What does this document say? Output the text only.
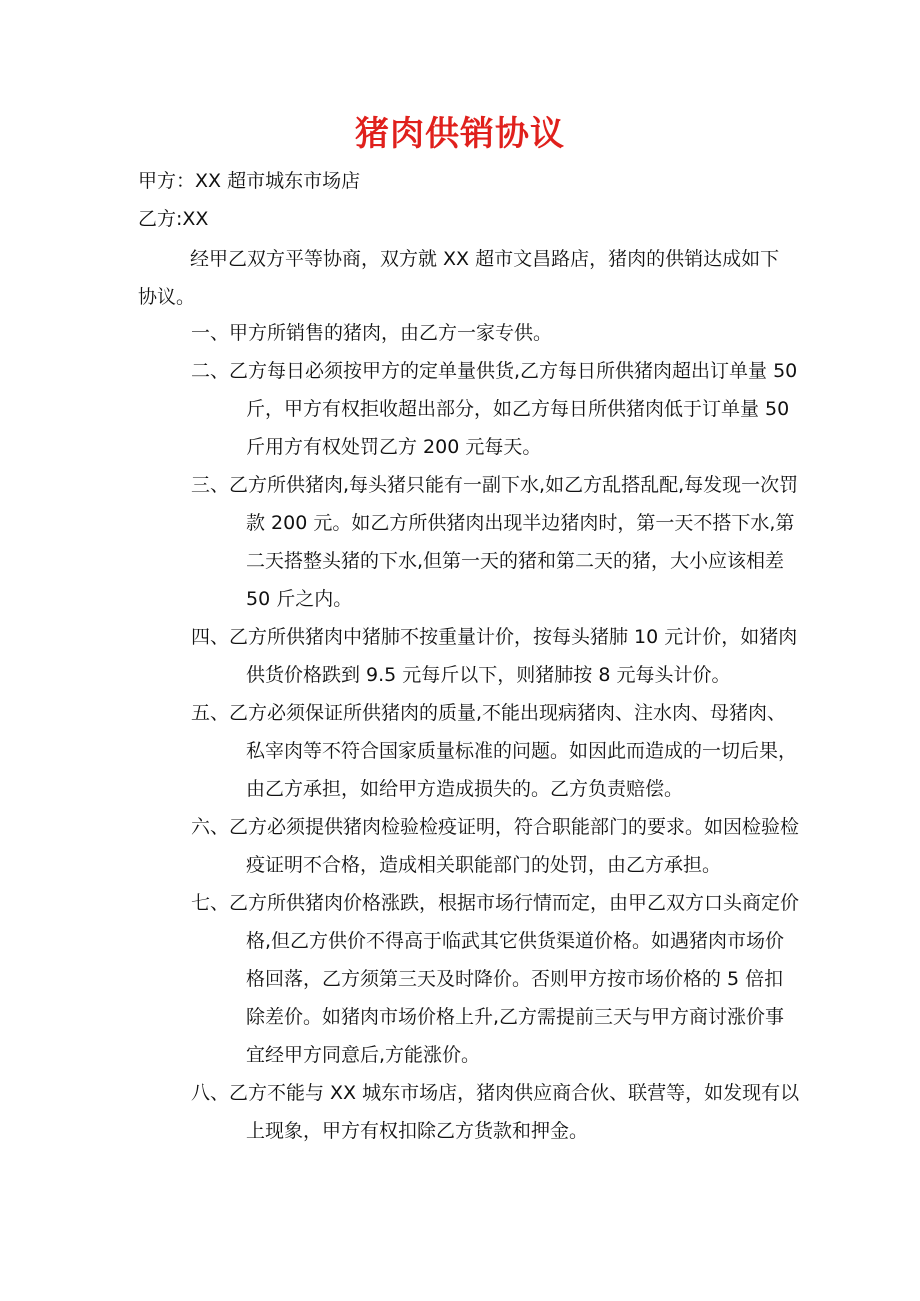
猪肉供销协议
甲方：XX 超市城东市场店
乙方:XX
经甲乙双方平等协商，双方就 XX 超市文昌路店，猪肉的供销达成如下协议。

一、甲方所销售的猪肉，由乙方一家专供。

二、乙方每日必须按甲方的定单量供货,乙方每日所供猪肉超出订单量 50 斤，甲方有权拒收超出部分，如乙方每日所供猪肉低于订单量 50 斤用方有权处罚乙方 200 元每天。

三、乙方所供猪肉,每头猪只能有一副下水,如乙方乱搭乱配,每发现一次罚款 200 元。如乙方所供猪肉出现半边猪肉时，第一天不搭下水,第二天搭整头猪的下水,但第一天的猪和第二天的猪，大小应该相差 50 斤之内。

四、乙方所供猪肉中猪肺不按重量计价，按每头猪肺 10 元计价，如猪肉供货价格跌到 9.5 元每斤以下，则猪肺按 8 元每头计价。

五、乙方必须保证所供猪肉的质量,不能出现病猪肉、注水肉、母猪肉、私宰肉等不符合国家质量标准的问题。如因此而造成的一切后果，由乙方承担，如给甲方造成损失的。乙方负责赔偿。

六、乙方必须提供猪肉检验检疫证明，符合职能部门的要求。如因检验检疫证明不合格，造成相关职能部门的处罚，由乙方承担。

七、乙方所供猪肉价格涨跌，根据市场行情而定，由甲乙双方口头商定价格,但乙方供价不得高于临武其它供货渠道价格。如遇猪肉市场价格回落，乙方须第三天及时降价。否则甲方按市场价格的 5 倍扣除差价。如猪肉市场价格上升,乙方需提前三天与甲方商讨涨价事宜经甲方同意后,方能涨价。

八、乙方不能与 XX 城东市场店，猪肉供应商合伙、联营等，如发现有以上现象，甲方有权扣除乙方货款和押金。
